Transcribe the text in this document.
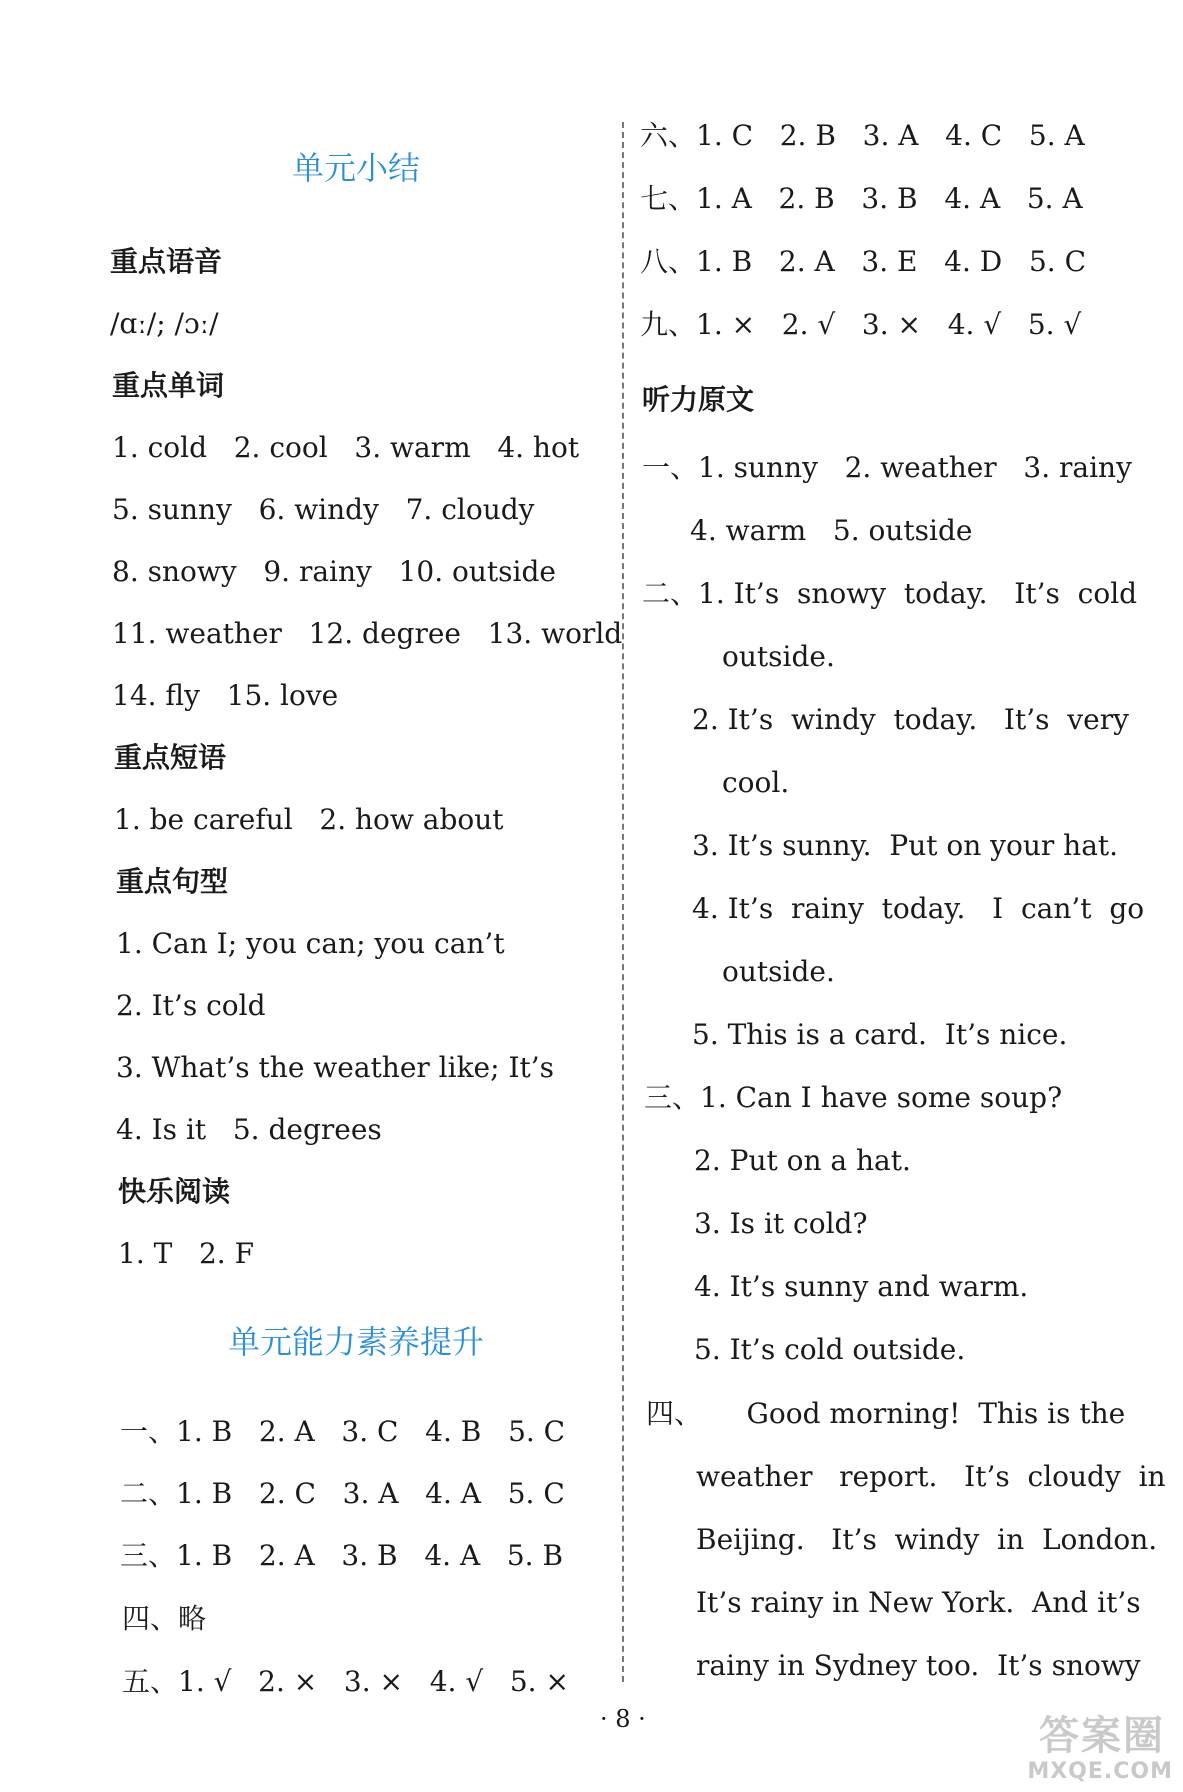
单元小结
重点语音
/ɑː/; /ɔː/
重点单词
1. cold   2. cool   3. warm   4. hot
5. sunny   6. windy   7. cloudy
8. snowy   9. rainy   10. outside
11. weather   12. degree   13. world
14. fly   15. love
重点短语
1. be careful   2. how about
重点句型
1. Can I; you can; you can’t
2. It’s cold
3. What’s the weather like; It’s
4. Is it   5. degrees
快乐阅读
1. T   2. F
单元能力素养提升
一、1. B   2. A   3. C   4. B   5. C
二、1. B   2. C   3. A   4. A   5. C
三、1. B   2. A   3. B   4. A   5. B
四、略
五、1. √   2. ×   3. ×   4. √   5. ×
六、1. C   2. B   3. A   4. C   5. A
七、1. A   2. B   3. B   4. A   5. A
八、1. B   2. A   3. E   4. D   5. C
九、1. ×   2. √   3. ×   4. √   5. √
听力原文
一、1. sunny   2. weather   3. rainy
4. warm   5. outside
二、1. It’s  snowy  today.   It’s  cold
outside.
2. It’s  windy  today.   It’s  very
cool.
3. It’s sunny.  Put on your hat.
4. It’s  rainy  today.   I  can’t  go
outside.
5. This is a card.  It’s nice.
三、1. Can I have some soup?
2. Put on a hat.
3. Is it cold?
4. It’s sunny and warm.
5. It’s cold outside.
四、     Good morning!  This is the
weather   report.   It’s  cloudy  in
Beijing.   It’s  windy  in  London.
It’s rainy in New York.  And it’s
rainy in Sydney too.  It’s snowy
· 8 ·	答案圈
MXQE.COM
